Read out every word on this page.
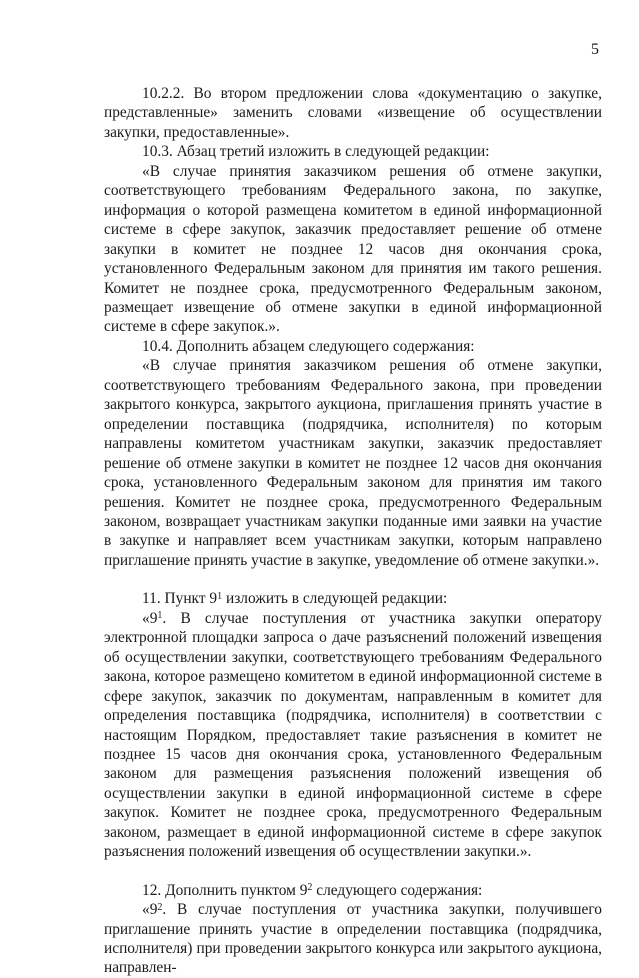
5

10.2.2. Во втором предложении слова «документацию о закупке, представленные» заменить словами «извещение об осуществлении закупки, предоставленные».

10.3. Абзац третий изложить в следующей редакции:

«В случае принятия заказчиком решения об отмене закупки, соответствующего требованиям Федерального закона, по закупке, информация о которой размещена комитетом в единой информационной системе в сфере закупок, заказчик предоставляет решение об отмене закупки в комитет не позднее 12 часов дня окончания срока, установленного Федеральным законом для принятия им такого решения. Комитет не позднее срока, предусмотренного Федеральным законом, размещает извещение об отмене закупки в единой информационной системе в сфере закупок.».

10.4. Дополнить абзацем следующего содержания:

«В случае принятия заказчиком решения об отмене закупки, соответствующего требованиям Федерального закона, при проведении закрытого конкурса, закрытого аукциона, приглашения принять участие в определении поставщика (подрядчика, исполнителя) по которым направлены комитетом участникам закупки, заказчик предоставляет решение об отмене закупки в комитет не позднее 12 часов дня окончания срока, установленного Федеральным законом для принятия им такого решения. Комитет не позднее срока, предусмотренного Федеральным законом, возвращает участникам закупки поданные ими заявки на участие в закупке и направляет всем участникам закупки, которым направлено приглашение принять участие в закупке, уведомление об отмене закупки.».

11. Пункт $9^1$ изложить в следующей редакции:

«$9^1$. В случае поступления от участника закупки оператору электронной площадки запроса о даче разъяснений положений извещения об осуществлении закупки, соответствующего требованиям Федерального закона, которое размещено комитетом в единой информационной системе в сфере закупок, заказчик по документам, направленным в комитет для определения поставщика (подрядчика, исполнителя) в соответствии с настоящим Порядком, предоставляет такие разъяснения в комитет не позднее 15 часов дня окончания срока, установленного Федеральным законом для размещения разъяснения положений извещения об осуществлении закупки в единой информационной системе в сфере закупок. Комитет не позднее срока, предусмотренного Федеральным законом, размещает в единой информационной системе в сфере закупок разъяснения положений извещения об осуществлении закупки.».

12. Дополнить пунктом $9^2$ следующего содержания:

«$9^2$. В случае поступления от участника закупки, получившего приглашение принять участие в определении поставщика (подрядчика, исполнителя) при проведении закрытого конкурса или закрытого аукциона, направлен-
